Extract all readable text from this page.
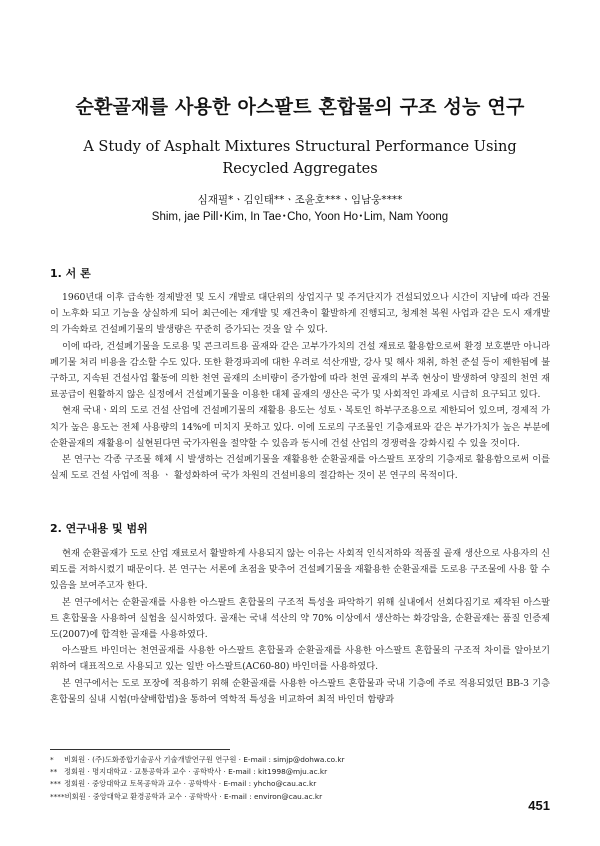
순환골재를 사용한 아스팔트 혼합물의 구조 성능 연구
A Study of Asphalt Mixtures Structural Performance Using
Recycled Aggregates
심재필*ㆍ김인태**ㆍ조윤호***ㆍ임남웅****
Shim, jae Pill･Kim, In Tae･Cho, Yoon Ho･Lim, Nam Yoong
1. 서 론

1960년대 이후 급속한 경제발전 및 도시 개발로 대단위의 상업지구 및 주거단지가 건설되었으나 시간이 지남에 따라 건물이 노후화 되고 기능을 상실하게 되어 최근에는 재개발 및 재건축이 활발하게 진행되고, 청계천 복원 사업과 같은 도시 재개발의 가속화로 건설폐기물의 발생량은 꾸준히 증가되는 것을 알 수 있다.

이에 따라, 건설폐기물을 도로용 및 콘크리트용 골재와 같은 고부가가치의 건설 재료로 활용함으로써 환경 보호뿐만 아니라 폐기물 처리 비용을 감소할 수도 있다. 또한 환경파괴에 대한 우려로 석산개발, 강사 및 해사 채취, 하천 준설 등이 제한됨에 불구하고, 지속된 건설사업 활동에 의한 천연 골재의 소비량이 증가함에 따라 천연 골재의 부족 현상이 발생하여 양질의 천연 재료공급이 원활하지 않은 실정에서 건설폐기물을 이용한 대체 골재의 생산은 국가 및 사회적인 과제로 시급히 요구되고 있다.

현재 국내ㆍ외의 도로 건설 산업에 건설폐기물의 재활용 용도는 성토ㆍ복토인 하부구조용으로 제한되어 있으며, 경제적 가치가 높은 용도는 전체 사용량의 14%에 미치지 못하고 있다. 이에 도로의 구조물인 기층재료와 같은 부가가치가 높은 부분에 순환골재의 재활용이 실현된다면 국가자원을 절약할 수 있음과 동시에 건설 산업의 경쟁력을 강화시킬 수 있을 것이다.

본 연구는 각종 구조물 해체 시 발생하는 건설폐기물을 재활용한 순환골재를 아스팔트 포장의 기층재로 활용함으로써 이를 실제 도로 건설 사업에 적용 ㆍ 활성화하여 국가 차원의 건설비용의 절감하는 것이 본 연구의 목적이다.

2. 연구내용 및 범위

현재 순환골재가 도로 산업 재료로서 활발하게 사용되지 않는 이유는 사회적 인식저하와 적품질 골재 생산으로 사용자의 신뢰도를 저하시켰기 때문이다. 본 연구는 서론에 초점을 맞추어 건설폐기물을 재활용한 순환골재를 도로용 구조물에 사용 할 수 있음을 보여주고자 한다.

본 연구에서는 순환골재를 사용한 아스팔트 혼합물의 구조적 특성을 파악하기 위해 실내에서 선회다짐기로 제작된 아스팔트 혼합물을 사용하여 실험을 실시하였다. 골재는 국내 석산의 약 70% 이상에서 생산하는 화강암을, 순환골재는 품질 인증제도(2007)에 합격한 골재를 사용하였다.

아스팔트 바인더는 천연골재를 사용한 아스팔트 혼합물과 순환골재를 사용한 아스팔트 혼합물의 구조적 차이를 알아보기 위하여 대표적으로 사용되고 있는 일반 아스팔트(AC60-80) 바인더를 사용하였다.

본 연구에서는 도로 포장에 적용하기 위해 순환골재를 사용한 아스팔트 혼합물과 국내 기층에 주로 적용되었던 BB-3 기층 혼합물의 실내 시험(마샬배합법)을 통하여 역학적 특성을 비교하여 최적 바인더 함량과

* 비회원 · (주)도화종합기술공사 기술개발연구원 연구원 · E-mail : simjp@dohwa.co.kr
** 정회원 · 명지대학교 · 교통공학과 교수 · 공학박사 · E-mail : kit1998@mju.ac.kr
*** 정회원 · 중앙대학교 토목공학과 교수 · 공학박사 · E-mail : yhcho@cau.ac.kr
****비회원 · 중앙대학교 환경공학과 교수 · 공학박사 · E-mail : environ@cau.ac.kr
451
